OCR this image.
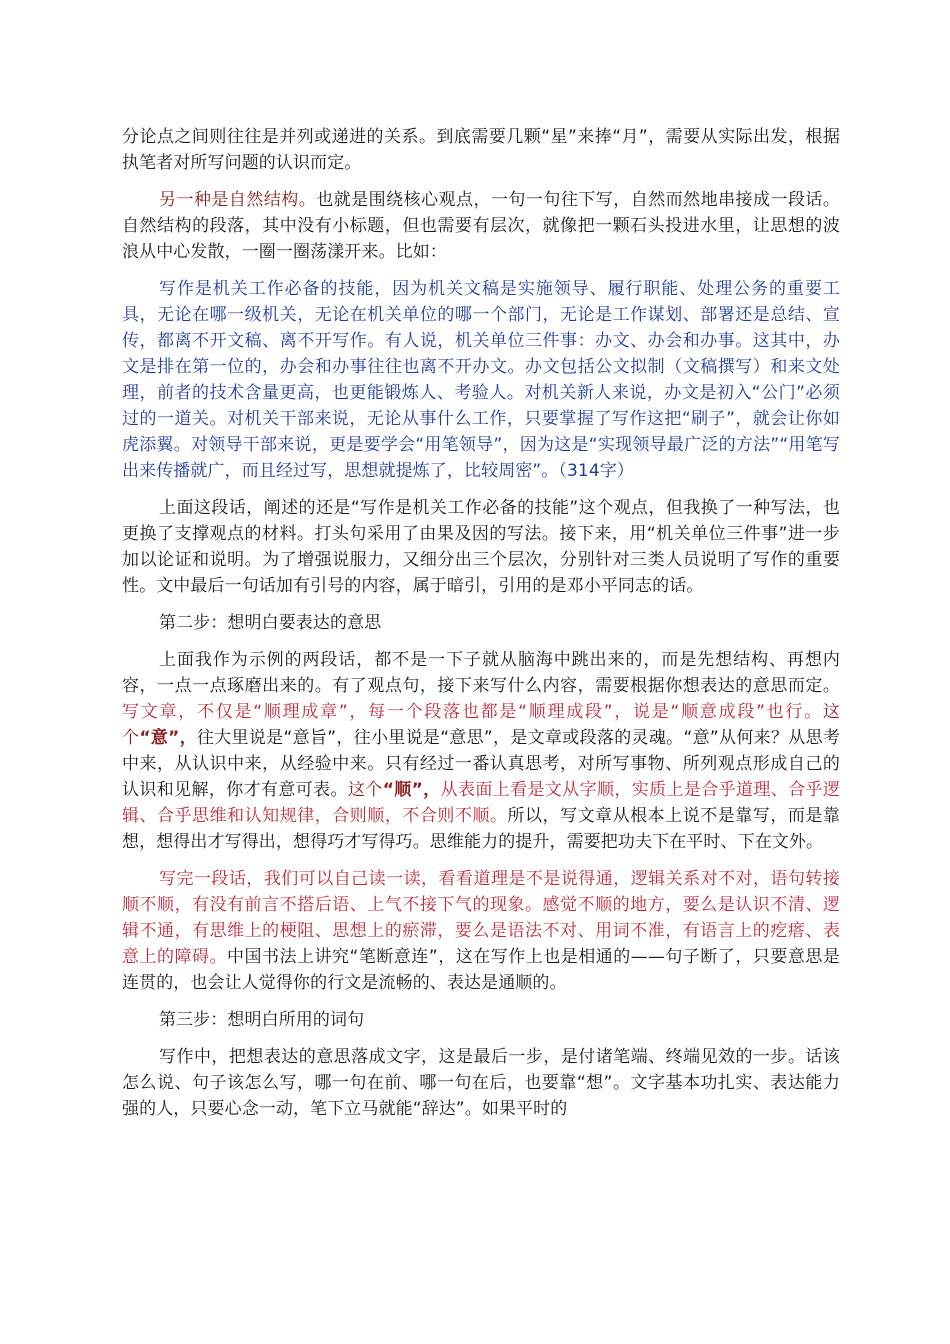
分论点之间则往往是并列或递进的关系。到底需要几颗“星”来捧“月”，需要从实际出发，根据执笔者对所写问题的认识而定。

另一种是自然结构。也就是围绕核心观点，一句一句往下写，自然而然地串接成一段话。自然结构的段落，其中没有小标题，但也需要有层次，就像把一颗石头投进水里，让思想的波浪从中心发散，一圈一圈荡漾开来。比如：

写作是机关工作必备的技能，因为机关文稿是实施领导、履行职能、处理公务的重要工具，无论在哪一级机关，无论在机关单位的哪一个部门，无论是工作谋划、部署还是总结、宣传，都离不开文稿、离不开写作。有人说，机关单位三件事：办文、办会和办事。这其中，办文是排在第一位的，办会和办事往往也离不开办文。办文包括公文拟制（文稿撰写）和来文处理，前者的技术含量更高，也更能锻炼人、考验人。对机关新人来说，办文是初入“公门”必须过的一道关。对机关干部来说，无论从事什么工作，只要掌握了写作这把“刷子”，就会让你如虎添翼。对领导干部来说，更是要学会“用笔领导”，因为这是“实现领导最广泛的方法”“用笔写出来传播就广，而且经过写，思想就提炼了，比较周密”。（314字）

上面这段话，阐述的还是“写作是机关工作必备的技能”这个观点，但我换了一种写法，也更换了支撑观点的材料。打头句采用了由果及因的写法。接下来，用“机关单位三件事”进一步加以论证和说明。为了增强说服力，又细分出三个层次，分别针对三类人员说明了写作的重要性。文中最后一句话加有引号的内容，属于暗引，引用的是邓小平同志的话。

第二步：想明白要表达的意思

上面我作为示例的两段话，都不是一下子就从脑海中跳出来的，而是先想结构、再想内容，一点一点琢磨出来的。有了观点句，接下来写什么内容，需要根据你想表达的意思而定。写文章，不仅是“顺理成章”，每一个段落也都是“顺理成段”，说是“顺意成段”也行。这个“意”，往大里说是“意旨”，往小里说是“意思”，是文章或段落的灵魂。“意”从何来？从思考中来，从认识中来，从经验中来。只有经过一番认真思考，对所写事物、所列观点形成自己的认识和见解，你才有意可表。这个“顺”，从表面上看是文从字顺，实质上是合乎道理、合乎逻辑、合乎思维和认知规律，合则顺，不合则不顺。所以，写文章从根本上说不是靠写，而是靠想，想得出才写得出，想得巧才写得巧。思维能力的提升，需要把功夫下在平时、下在文外。

写完一段话，我们可以自己读一读，看看道理是不是说得通，逻辑关系对不对，语句转接顺不顺，有没有前言不搭后语、上气不接下气的现象。感觉不顺的地方，要么是认识不清、逻辑不通，有思维上的梗阻、思想上的瘀滞，要么是语法不对、用词不准，有语言上的疙瘩、表意上的障碍。中国书法上讲究“笔断意连”，这在写作上也是相通的——句子断了，只要意思是连贯的，也会让人觉得你的行文是流畅的、表达是通顺的。

第三步：想明白所用的词句

写作中，把想表达的意思落成文字，这是最后一步，是付诸笔端、终端见效的一步。话该怎么说、句子该怎么写，哪一句在前、哪一句在后，也要靠“想”。文字基本功扎实、表达能力强的人，只要心念一动，笔下立马就能“辞达”。如果平时的
